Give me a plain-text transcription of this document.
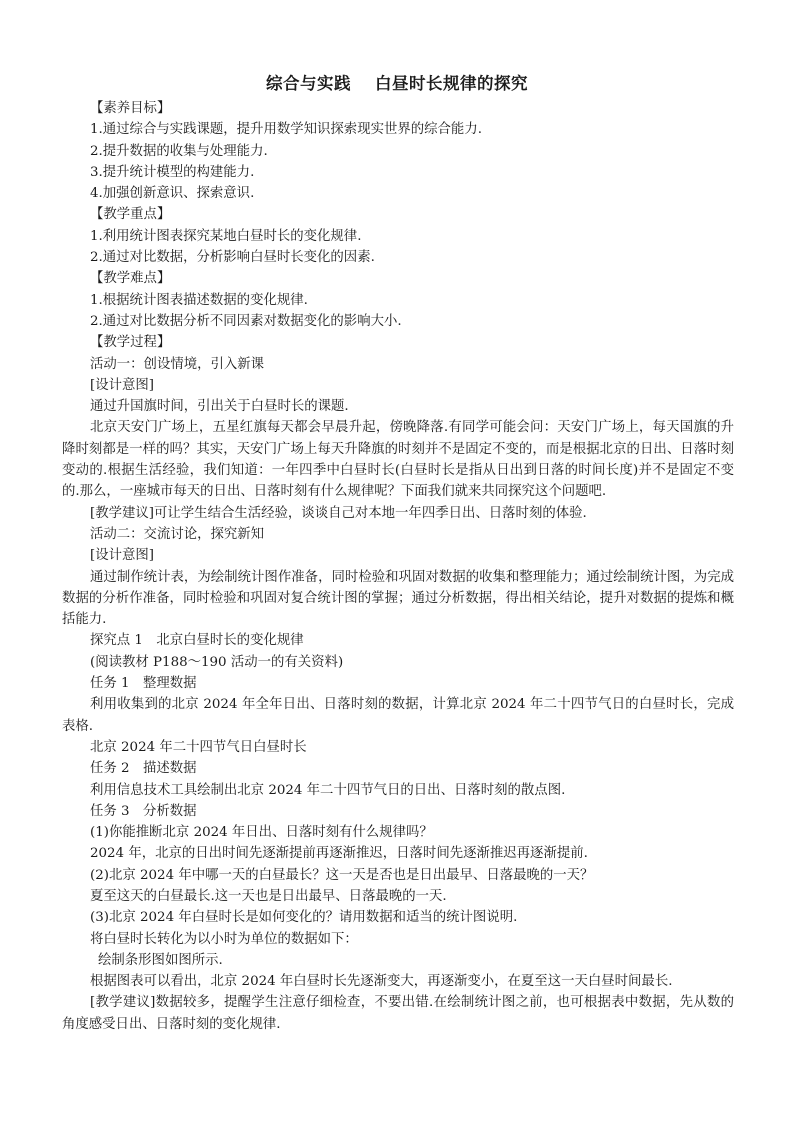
综合与实践 白昼时长规律的探究

【素养目标】

1.通过综合与实践课题，提升用数学知识探索现实世界的综合能力.

2.提升数据的收集与处理能力.

3.提升统计模型的构建能力.

4.加强创新意识、探索意识.

【教学重点】

1.利用统计图表探究某地白昼时长的变化规律.

2.通过对比数据，分析影响白昼时长变化的因素.

【教学难点】

1.根据统计图表描述数据的变化规律.

2.通过对比数据分析不同因素对数据变化的影响大小.

【教学过程】

活动一：创设情境，引入新课

[设计意图]

通过升国旗时间，引出关于白昼时长的课题.

北京天安门广场上，五星红旗每天都会早晨升起，傍晚降落.有同学可能会问：天安门广场上，每天国旗的升降时刻都是一样的吗？其实，天安门广场上每天升降旗的时刻并不是固定不变的，而是根据北京的日出、日落时刻变动的.根据生活经验，我们知道：一年四季中白昼时长(白昼时长是指从日出到日落的时间长度)并不是固定不变的.那么，一座城市每天的日出、日落时刻有什么规律呢？下面我们就来共同探究这个问题吧.

[教学建议]可让学生结合生活经验，谈谈自己对本地一年四季日出、日落时刻的体验.

活动二：交流讨论，探究新知

[设计意图]

通过制作统计表，为绘制统计图作准备，同时检验和巩固对数据的收集和整理能力；通过绘制统计图，为完成数据的分析作准备，同时检验和巩固对复合统计图的掌握；通过分析数据，得出相关结论，提升对数据的提炼和概括能力.

探究点 1　北京白昼时长的变化规律

(阅读教材 P188～190 活动一的有关资料)

任务 1　整理数据

利用收集到的北京 2024 年全年日出、日落时刻的数据，计算北京 2024 年二十四节气日的白昼时长，完成表格.

北京 2024 年二十四节气日白昼时长

任务 2　描述数据

利用信息技术工具绘制出北京 2024 年二十四节气日的日出、日落时刻的散点图.

任务 3　分析数据

(1)你能推断北京 2024 年日出、日落时刻有什么规律吗？

2024 年，北京的日出时间先逐渐提前再逐渐推迟，日落时间先逐渐推迟再逐渐提前.

(2)北京 2024 年中哪一天的白昼最长？这一天是否也是日出最早、日落最晚的一天？

夏至这天的白昼最长.这一天也是日出最早、日落最晚的一天.

(3)北京 2024 年白昼时长是如何变化的？请用数据和适当的统计图说明.

将白昼时长转化为以小时为单位的数据如下：

绘制条形图如图所示.

根据图表可以看出，北京 2024 年白昼时长先逐渐变大，再逐渐变小，在夏至这一天白昼时间最长.

[教学建议]数据较多，提醒学生注意仔细检查，不要出错.在绘制统计图之前，也可根据表中数据，先从数的角度感受日出、日落时刻的变化规律.
